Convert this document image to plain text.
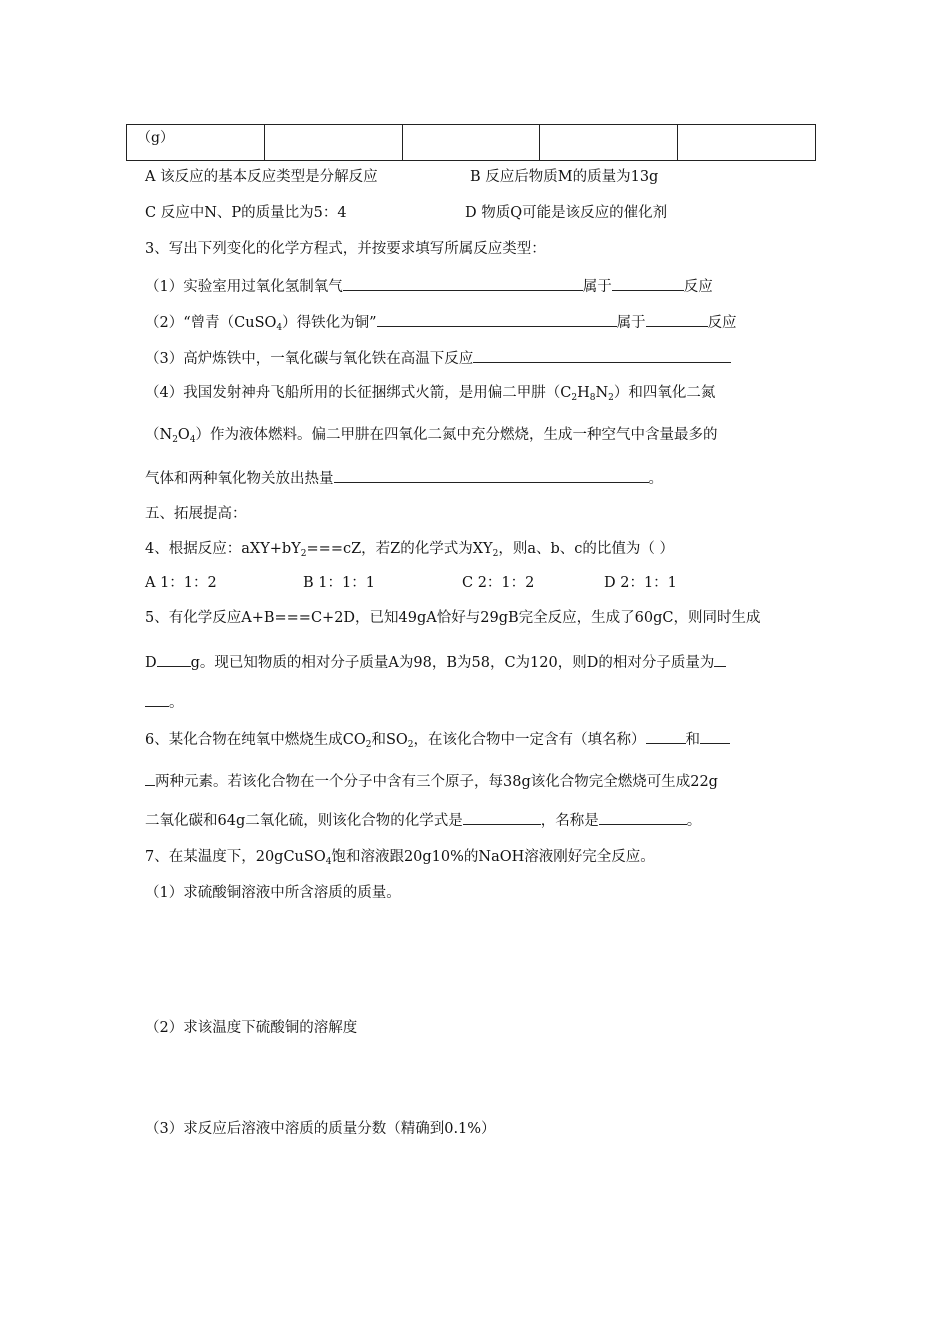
（g）				
A 该反应的基本反应类型是分解反应	B 反应后物质M的质量为13g
C 反应中N、P的质量比为5：4	D 物质Q可能是该反应的催化剂
3、写出下列变化的化学方程式，并按要求填写所属反应类型：
（1）实验室用过氧化氢制氧气	属于	反应
（2）“曾青（CuSO$_4$）得铁化为铜”	属于	反应
（3）高炉炼铁中，一氧化碳与氧化铁在高温下反应
（4）我国发射神舟飞船所用的长征捆绑式火箭，是用偏二甲肼$(C_2H_8N_2)$和四氧化二氮
$(N_2O_4)$作为液体燃料。偏二甲肼在四氧化二氮中充分燃烧，生成一种空气中含量最多的
气体和两种氧化物关放出热量	。
五、拓展提高：
4、根据反应：$aXY+bY_2===cZ$，若Z的化学式为$XY_2$，则a、b、c的比值为（ ）
A 1：1：2	B 1：1：1	C 2：1：2	D 2：1：1
5、有化学反应A+B===C+2D，已知49gA恰好与29gB完全反应，生成了60gC，则同时生成
D g。现已知物质的相对分子质量A为98，B为58，C为120，则D的相对分子质量为
。
6、某化合物在纯氧中燃烧生成$CO_2$和$SO_2$，在该化合物中一定含有（填名称）	和
两种元素。若该化合物在一个分子中含有三个原子，每38g该化合物完全燃烧可生成22g
二氧化碳和64g二氧化硫，则该化合物的化学式是	，名称是	。
7、在某温度下，20gCuSO$_4$饱和溶液跟20g10%的NaOH溶液刚好完全反应。
（1）求硫酸铜溶液中所含溶质的质量。
（2）求该温度下硫酸铜的溶解度
（3）求反应后溶液中溶质的质量分数（精确到0.1%）
